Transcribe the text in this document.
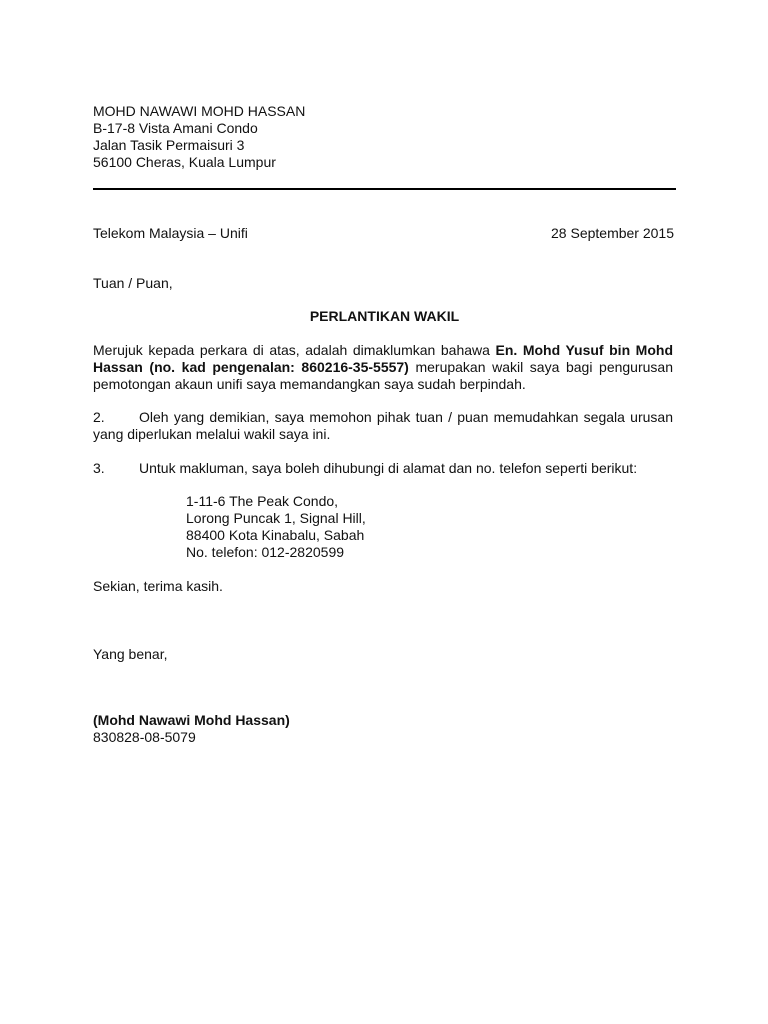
MOHD NAWAWI MOHD HASSAN
B-17-8 Vista Amani Condo
Jalan Tasik Permaisuri 3
56100 Cheras, Kuala Lumpur
Telekom Malaysia – Unifi	28 September 2015
Tuan / Puan,
PERLANTIKAN WAKIL
Merujuk kepada perkara di atas, adalah dimaklumkan bahawa En. Mohd Yusuf bin Mohd Hassan (no. kad pengenalan: 860216-35-5557) merupakan wakil saya bagi pengurusan pemotongan akaun unifi saya memandangkan saya sudah berpindah.
2. Oleh yang demikian, saya memohon pihak tuan / puan memudahkan segala urusan yang diperlukan melalui wakil saya ini.
3. Untuk makluman, saya boleh dihubungi di alamat dan no. telefon seperti berikut:
1-11-6 The Peak Condo,
Lorong Puncak 1, Signal Hill,
88400 Kota Kinabalu, Sabah
No. telefon: 012-2820599
Sekian, terima kasih.
Yang benar,
(Mohd Nawawi Mohd Hassan)
830828-08-5079
